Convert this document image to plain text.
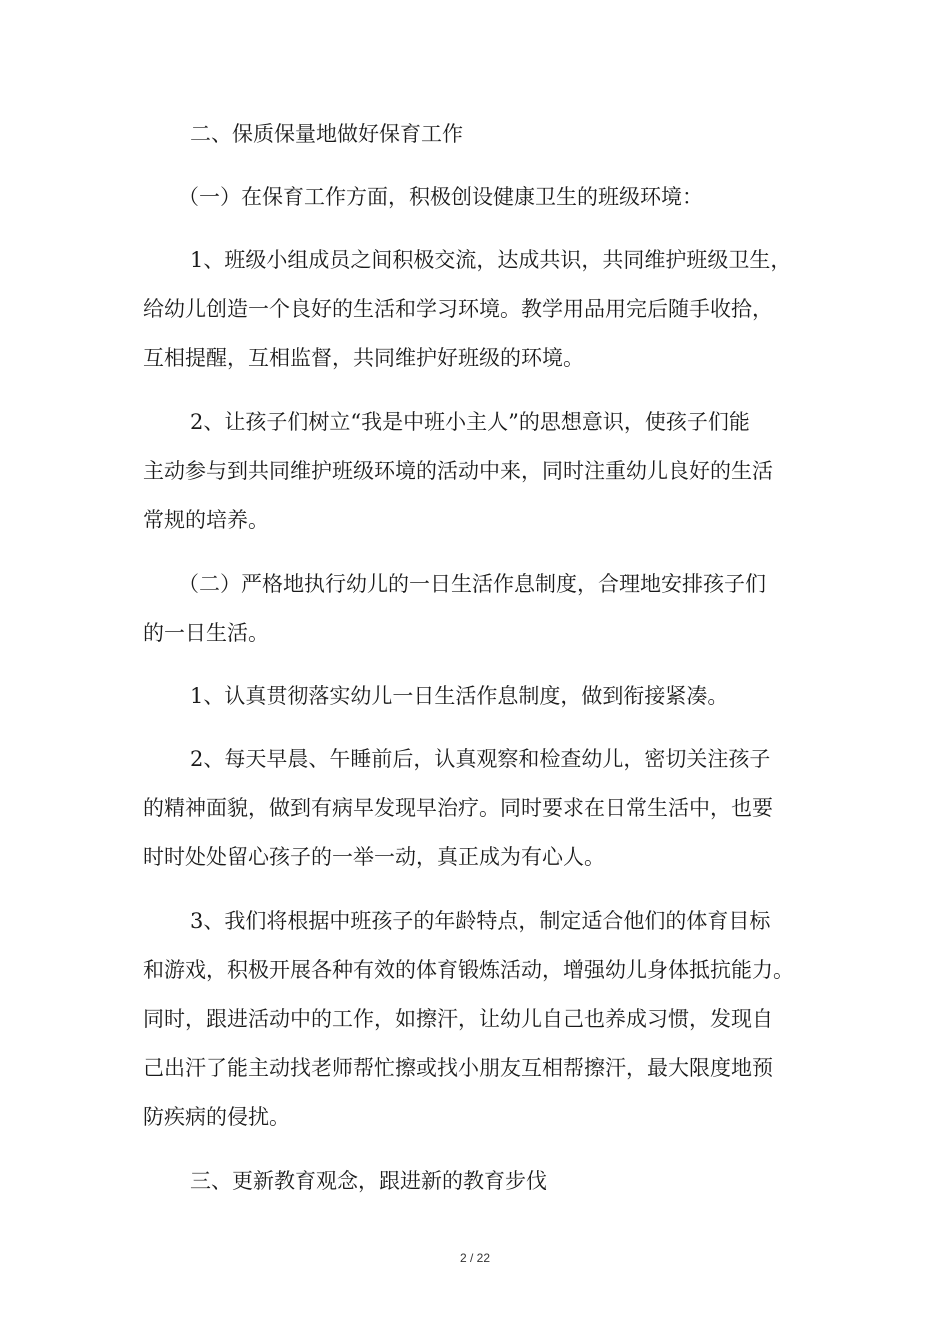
二、保质保量地做好保育工作
（一）在保育工作方面，积极创设健康卫生的班级环境：
1、班级小组成员之间积极交流，达成共识，共同维护班级卫生，
给幼儿创造一个良好的生活和学习环境。教学用品用完后随手收拾，
互相提醒，互相监督，共同维护好班级的环境。
2、让孩子们树立“我是中班小主人”的思想意识，使孩子们能
主动参与到共同维护班级环境的活动中来，同时注重幼儿良好的生活
常规的培养。
（二）严格地执行幼儿的一日生活作息制度，合理地安排孩子们
的一日生活。
1、认真贯彻落实幼儿一日生活作息制度，做到衔接紧凑。
2、每天早晨、午睡前后，认真观察和检查幼儿，密切关注孩子
的精神面貌，做到有病早发现早治疗。同时要求在日常生活中，也要
时时处处留心孩子的一举一动，真正成为有心人。
3、我们将根据中班孩子的年龄特点，制定适合他们的体育目标
和游戏，积极开展各种有效的体育锻炼活动，增强幼儿身体抵抗能力。
同时，跟进活动中的工作，如擦汗，让幼儿自己也养成习惯，发现自
己出汗了能主动找老师帮忙擦或找小朋友互相帮擦汗，最大限度地预
防疾病的侵扰。
三、更新教育观念，跟进新的教育步伐
2 / 22
